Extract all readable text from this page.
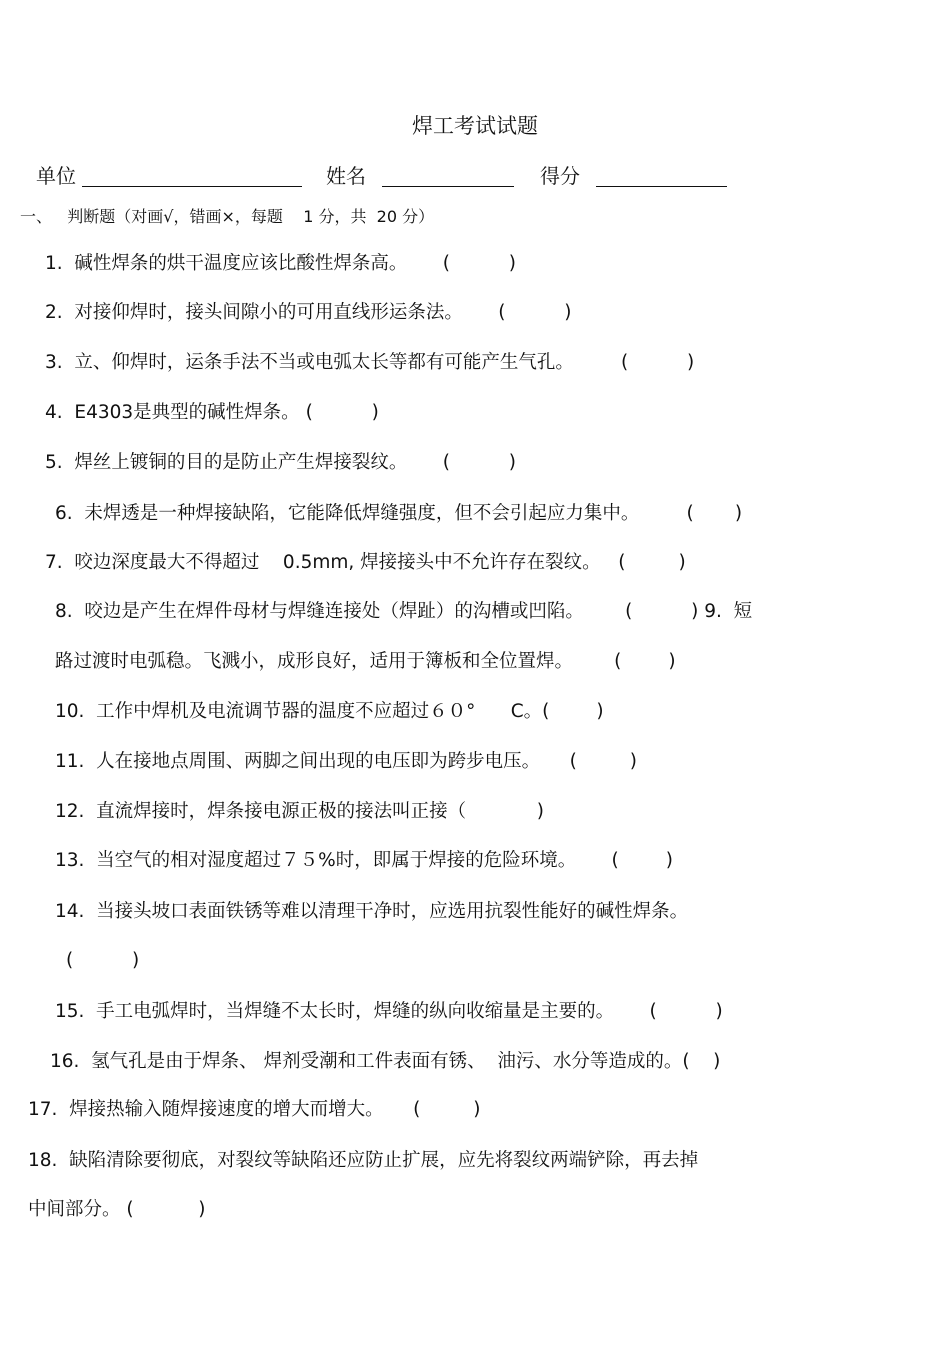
焊工考试试题
单位	姓名	得分
一、   判断题（对画√，错画×，每题    1 分，共  20 分）
1.  碱性焊条的烘干温度应该比酸性焊条高。      (          )
2.  对接仰焊时，接头间隙小的可用直线形运条法。      (          )
3.  立、仰焊时，运条手法不当或电弧太长等都有可能产生气孔。        (          )
4.  E4303是典型的碱性焊条。 (          )
5.  焊丝上镀铜的目的是防止产生焊接裂纹。      (          )
6.  未焊透是一种焊接缺陷，它能降低焊缝强度，但不会引起应力集中。        (       )
7.  咬边深度最大不得超过    0.5mm, 焊接接头中不允许存在裂纹。   (         )
8.  咬边是产生在焊件母材与焊缝连接处（焊趾）的沟槽或凹陷。       (          ) 9.  短
路过渡时电弧稳。飞溅小，成形良好，适用于簿板和全位置焊。       (        )
10.  工作中焊机及电流调节器的温度不应超过６０°      C。(        )
11.  人在接地点周围、两脚之间出现的电压即为跨步电压。     (         )
12.  直流焊接时，焊条接电源正极的接法叫正接（            )
13.  当空气的相对湿度超过７５%时，即属于焊接的危险环境。      (        )
14.  当接头坡口表面铁锈等难以清理干净时，应选用抗裂性能好的碱性焊条。
(          )
15.  手工电弧焊时，当焊缝不太长时，焊缝的纵向收缩量是主要的。      (          )
16.  氢气孔是由于焊条、 焊剂受潮和工件表面有锈、  油污、水分等造成的。(    )
17.  焊接热输入随焊接速度的增大而增大。     (         )
18.  缺陷清除要彻底，对裂纹等缺陷还应防止扩展，应先将裂纹两端铲除，再去掉
中间部分。 (           )
